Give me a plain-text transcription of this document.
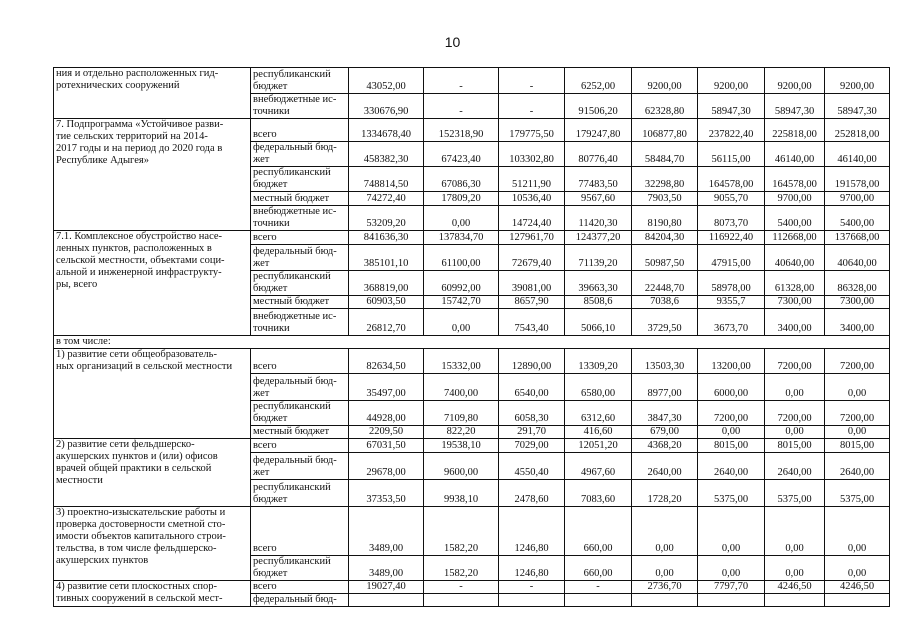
10
ния и отдельно расположенных гид-
ротехнических сооружений	республиканский бюджет	43052,00	-	-	6252,00	9200,00	9200,00	9200,00	9200,00
	внебюджетные ис-
точники	330676,90	-	-	91506,20	62328,80	58947,30	58947,30	58947,30
7. Подпрограмма «Устойчивое разви-
тие сельских территорий на 2014-
2017 годы и на период до 2020 года в
Республике Адыгея»	всего	1334678,40	152318,90	179775,50	179247,80	106877,80	237822,40	225818,00	252818,00
	федеральный бюд-
жет	458382,30	67423,40	103302,80	80776,40	58484,70	56115,00	46140,00	46140,00
	республиканский
бюджет	748814,50	67086,30	51211,90	77483,50	32298,80	164578,00	164578,00	191578,00
	местный бюджет	74272,40	17809,20	10536,40	9567,60	7903,50	9055,70	9700,00	9700,00
	внебюджетные ис-
точники	53209,20	0,00	14724,40	11420,30	8190,80	8073,70	5400,00	5400,00
7.1. Комплексное обустройство насе-
ленных пунктов, расположенных в
сельской местности, объектами соци-
альной и инженерной инфраструкту-
ры, всего	всего	841636,30	137834,70	127961,70	124377,20	84204,30	116922,40	112668,00	137668,00
	федеральный бюд-
жет	385101,10	61100,00	72679,40	71139,20	50987,50	47915,00	40640,00	40640,00
	республиканский
бюджет	368819,00	60992,00	39081,00	39663,30	22448,70	58978,00	61328,00	86328,00
	местный бюджет	60903,50	15742,70	8657,90	8508,6	7038,6	9355,7	7300,00	7300,00
	внебюджетные ис-
точники	26812,70	0,00	7543,40	5066,10	3729,50	3673,70	3400,00	3400,00
в том числе:									
1) развитие сети общеобразователь-
ных организаций в сельской местности	всего	82634,50	15332,00	12890,00	13309,20	13503,30	13200,00	7200,00	7200,00
	федеральный бюд-
жет	35497,00	7400,00	6540,00	6580,00	8977,00	6000,00	0,00	0,00
	республиканский
бюджет	44928,00	7109,80	6058,30	6312,60	3847,30	7200,00	7200,00	7200,00
	местный бюджет	2209,50	822,20	291,70	416,60	679,00	0,00	0,00	0,00
2) развитие сети фельдшерско-
акушерских пунктов и (или) офисов
врачей общей практики в сельской
местности	всего	67031,50	19538,10	7029,00	12051,20	4368,20	8015,00	8015,00	8015,00
	федеральный бюд-
жет	29678,00	9600,00	4550,40	4967,60	2640,00	2640,00	2640,00	2640,00
	республиканский
бюджет	37353,50	9938,10	2478,60	7083,60	1728,20	5375,00	5375,00	5375,00
3) проектно-изыскательские работы и
проверка достоверности сметной сто-
имости объектов капитального строи-
тельства, в том числе фельдшерско-
акушерских пунктов	всего	3489,00	1582,20	1246,80	660,00	0,00	0,00	0,00	0,00
	республиканский
бюджет	3489,00	1582,20	1246,80	660,00	0,00	0,00	0,00	0,00
4) развитие сети плоскостных спор-
тивных сооружений в сельской мест-	всего	19027,40	-	-	-	2736,70	7797,70	4246,50	4246,50
	федеральный бюд-								
